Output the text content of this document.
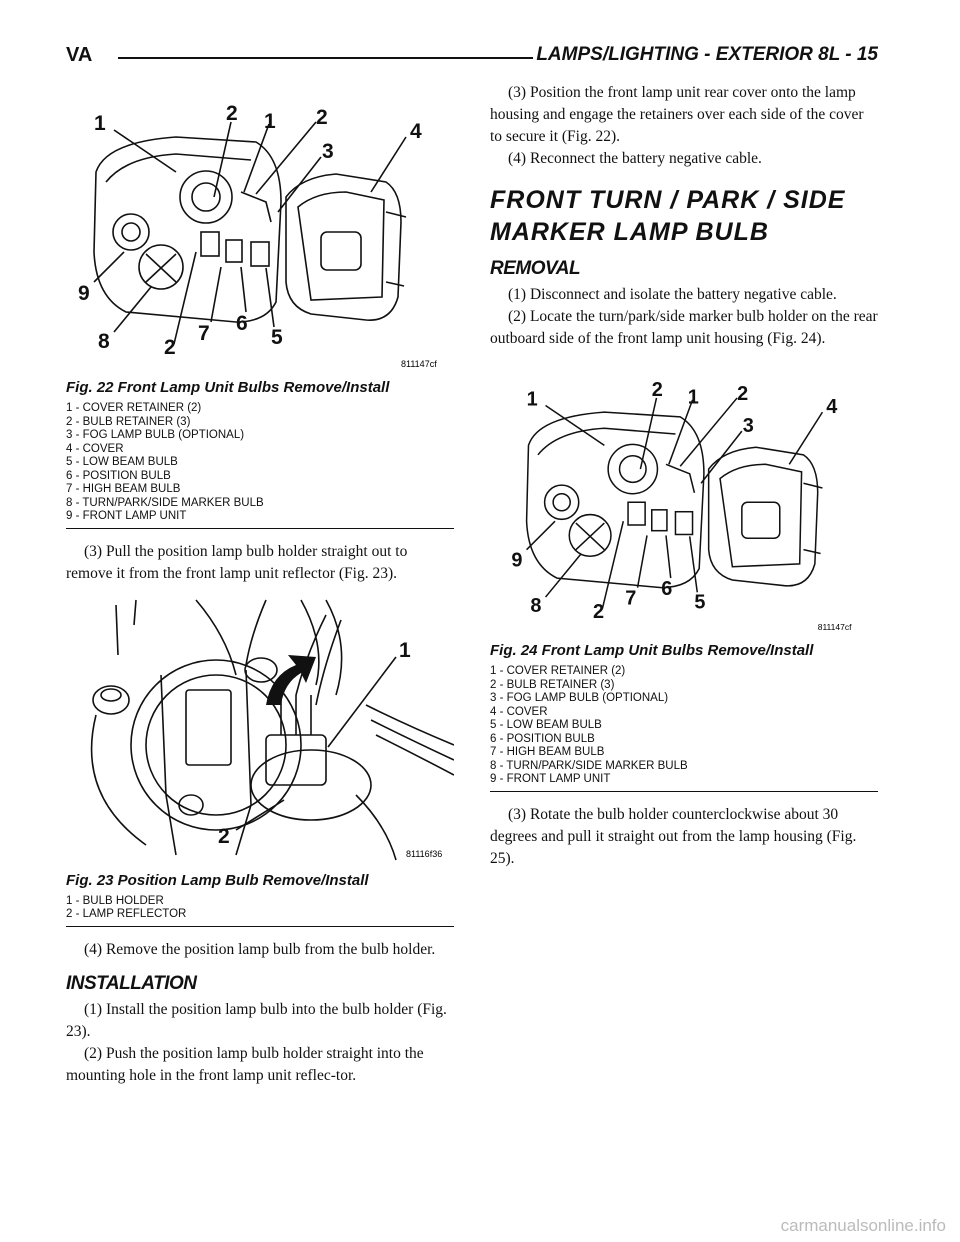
VA	LAMPS/LIGHTING - EXTERIOR 8L - 15
1	2 1 2
3
4
9
8	2
7 6
5
811147cf
Fig. 22 Front Lamp Unit Bulbs Remove/Install
1 - COVER RETAINER (2)
2 - BULB RETAINER (3)
3 - FOG LAMP BULB (OPTIONAL)
4 - COVER
5 - LOW BEAM BULB
6 - POSITION BULB
7 - HIGH BEAM BULB
8 - TURN/PARK/SIDE MARKER BULB
9 - FRONT LAMP UNIT

(3) Pull the position lamp bulb holder straight out to remove it from the front lamp unit reflector (Fig. 23).

1
2
81116f36
Fig. 23 Position Lamp Bulb Remove/Install
1 - BULB HOLDER
2 - LAMP REFLECTOR

(4) Remove the position lamp bulb from the bulb holder.

INSTALLATION

(1) Install the position lamp bulb into the bulb holder (Fig. 23).

(2) Push the position lamp bulb holder straight into the mounting hole in the front lamp unit reflec-tor.

(3) Position the front lamp unit rear cover onto the lamp housing and engage the retainers over each side of the cover to secure it (Fig. 22).

(4) Reconnect the battery negative cable.

FRONT TURN / PARK / SIDE MARKER LAMP BULB
REMOVAL

(1) Disconnect and isolate the battery negative cable.

(2) Locate the turn/park/side marker bulb holder on the rear outboard side of the front lamp unit housing (Fig. 24).

1	2 1 2
3
4
9
8 2
7 6
5
811147cf
Fig. 24 Front Lamp Unit Bulbs Remove/Install
1 - COVER RETAINER (2)
2 - BULB RETAINER (3)
3 - FOG LAMP BULB (OPTIONAL)
4 - COVER
5 - LOW BEAM BULB
6 - POSITION BULB
7 - HIGH BEAM BULB
8 - TURN/PARK/SIDE MARKER BULB
9 - FRONT LAMP UNIT

(3) Rotate the bulb holder counterclockwise about 30 degrees and pull it straight out from the lamp housing (Fig. 25).

carmanualsonline.info
